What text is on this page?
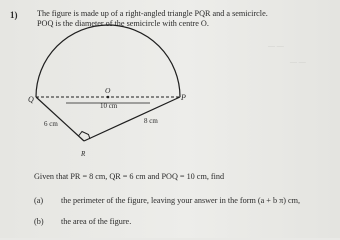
— —
— —
1) The figure is made up of a right-angled triangle PQR and a semicircle.
POQ is the diameter of the semicircle with centre O.
Q	P
O
R
10 cm
6 cm	8 cm
Given that PR = 8 cm, QR = 6 cm and POQ = 10 cm, find
(a) the perimeter of the figure, leaving your answer in the form (a + b π) cm,
(b) the area of the figure.
